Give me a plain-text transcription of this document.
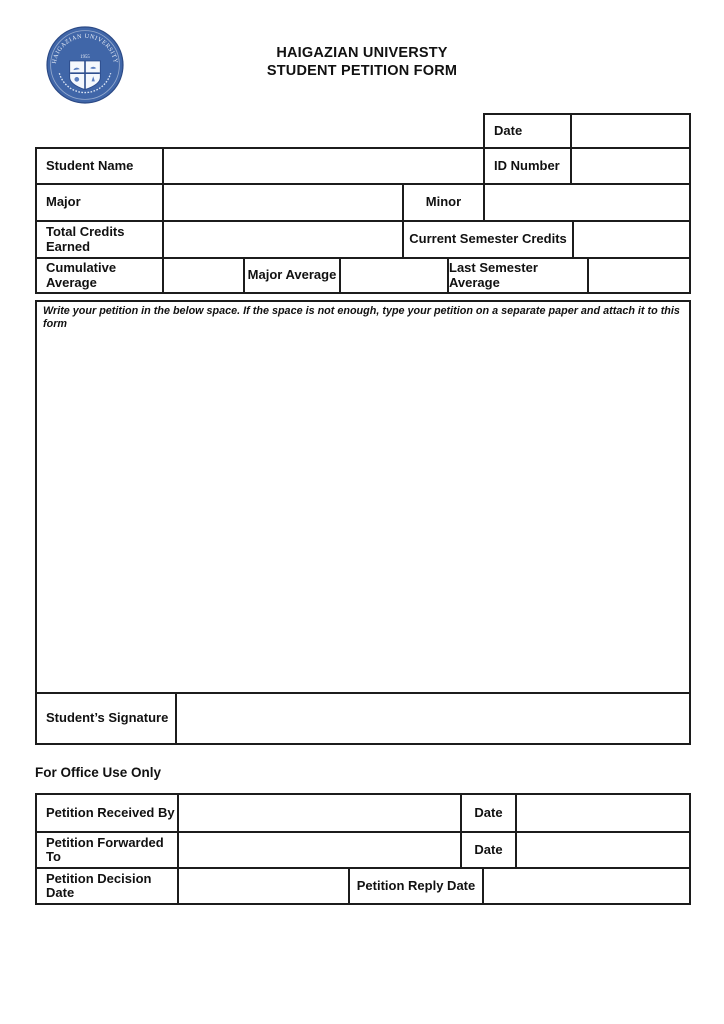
HAIGAZIAN UNIVERSITY
1955	HAIGAZIAN UNIVERSTY
STUDENT PETITION FORM
Date
Student Name	ID Number
Major	Minor
Total Credits Earned	Current Semester Credits
Cumulative Average	Major Average	Last Semester Average
Write your petition in the below space. If the space is not enough, type your petition on a separate paper and attach it to this form
Student’s Signature
For Office Use Only
Petition Received By	Date
Petition Forwarded To	Date
Petition Decision Date	Petition Reply Date
